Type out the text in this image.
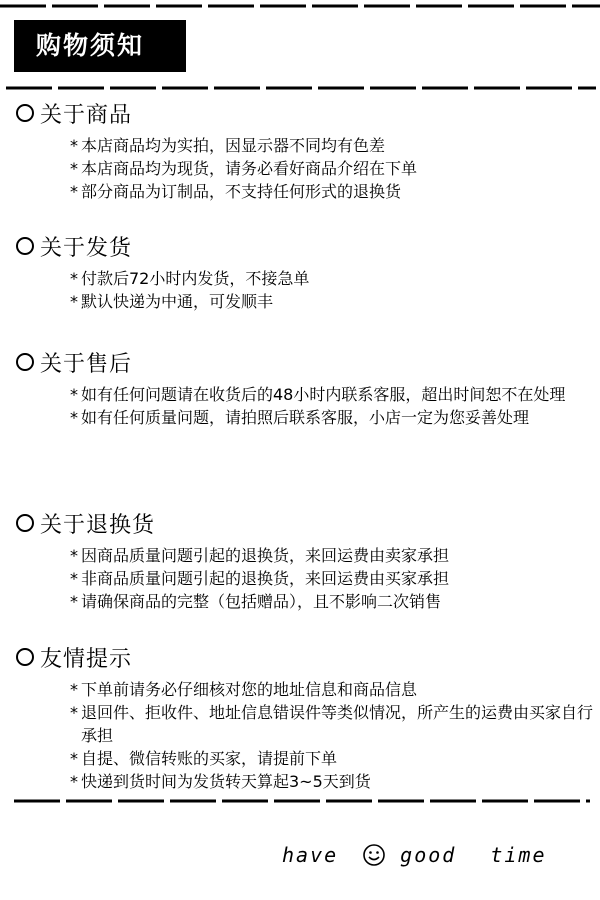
购物须知
关于商品
* 本店商品均为实拍，因显示器不同均有色差
* 本店商品均为现货，请务必看好商品介绍在下单
* 部分商品为订制品，不支持任何形式的退换货
关于发货
* 付款后72小时内发货，不接急单
* 默认快递为中通，可发顺丰
关于售后
* 如有任何问题请在收货后的48小时内联系客服，超出时间恕不在处理
* 如有任何质量问题，请拍照后联系客服，小店一定为您妥善处理
关于退换货
* 因商品质量问题引起的退换货，来回运费由卖家承担
* 非商品质量问题引起的退换货，来回运费由买家承担
* 请确保商品的完整（包括赠品），且不影响二次销售
友情提示
* 下单前请务必仔细核对您的地址信息和商品信息
* 退回件、拒收件、地址信息错误件等类似情况，所产生的运费由买家自行承担
* 自提、微信转账的买家，请提前下单
* 快递到货时间为发货转天算起3~5天到货
have	good time
